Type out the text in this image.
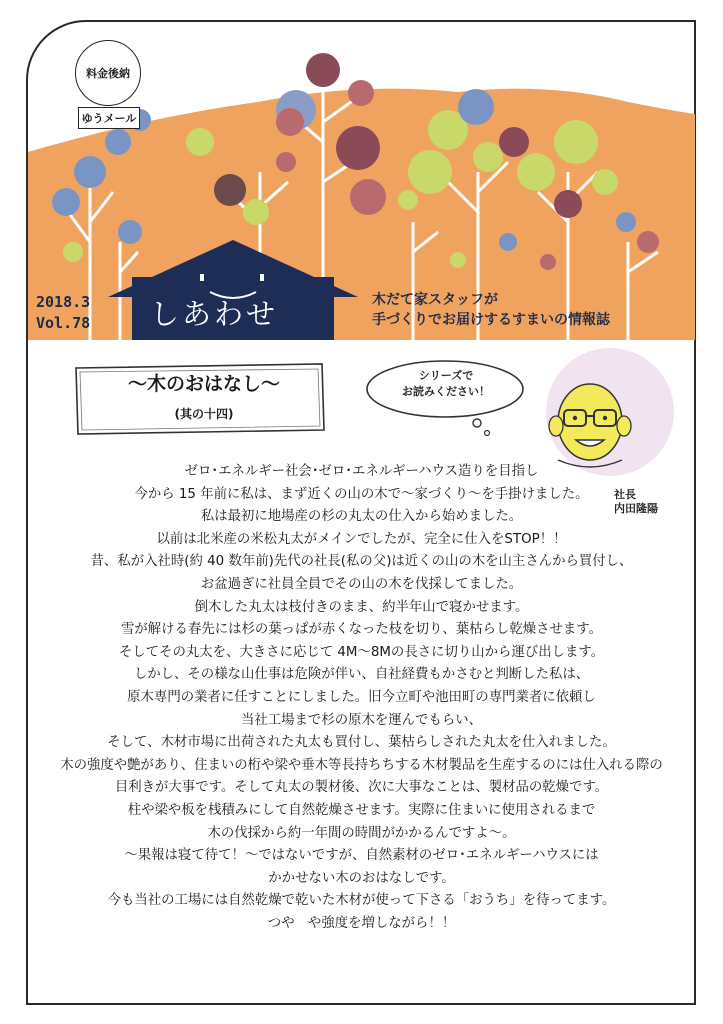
料金後納
ゆうメール
2018.3
Vol.78 しあわせ	木だて家スタッフが
手づくりでお届けするすまいの情報誌
～木のおはなし～
(其の十四)
シリーズで
お読みください！
社長
内田隆陽
ゼロ･エネルギー社会･ゼロ･エネルギーハウス造りを目指し
今から 15 年前に私は、まず近くの山の木で～家づくり～を手掛けました。
私は最初に地場産の杉の丸太の仕入から始めました。
以前は北米産の米松丸太がメインでしたが、完全に仕入をSTOP！！
昔、私が入社時(約 40 数年前)先代の社長(私の父)は近くの山の木を山主さんから買付し、
お盆過ぎに社員全員でその山の木を伐採してました。
倒木した丸太は枝付きのまま、約半年山で寝かせます。
雪が解ける春先には杉の葉っぱが赤くなった枝を切り、葉枯らし乾燥させます。
そしてその丸太を、大きさに応じて 4M～8Mの長さに切り山から運び出します。
しかし、その様な山仕事は危険が伴い、自社経費もかさむと判断した私は、
原木専門の業者に任すことにしました。旧今立町や池田町の専門業者に依頼し
当社工場まで杉の原木を運んでもらい、
そして、木材市場に出荷された丸太も買付し、葉枯らしされた丸太を仕入れました。
木の強度や艶があり、住まいの桁や梁や垂木等長持ちちする木材製品を生産するのには仕入れる際の
目利きが大事です。そして丸太の製材後、次に大事なことは、製材品の乾燥です。
柱や梁や板を桟積みにして自然乾燥させます。実際に住まいに使用されるまで
木の伐採から約一年間の時間がかかるんですよ～。
～果報は寝て待て！～ではないですが、自然素材のゼロ･エネルギーハウスには
かかせない木のおはなしです。
今も当社の工場には自然乾燥で乾いた木材が使って下さる「おうち」を待ってます。
つや　や強度を増しながら！！
